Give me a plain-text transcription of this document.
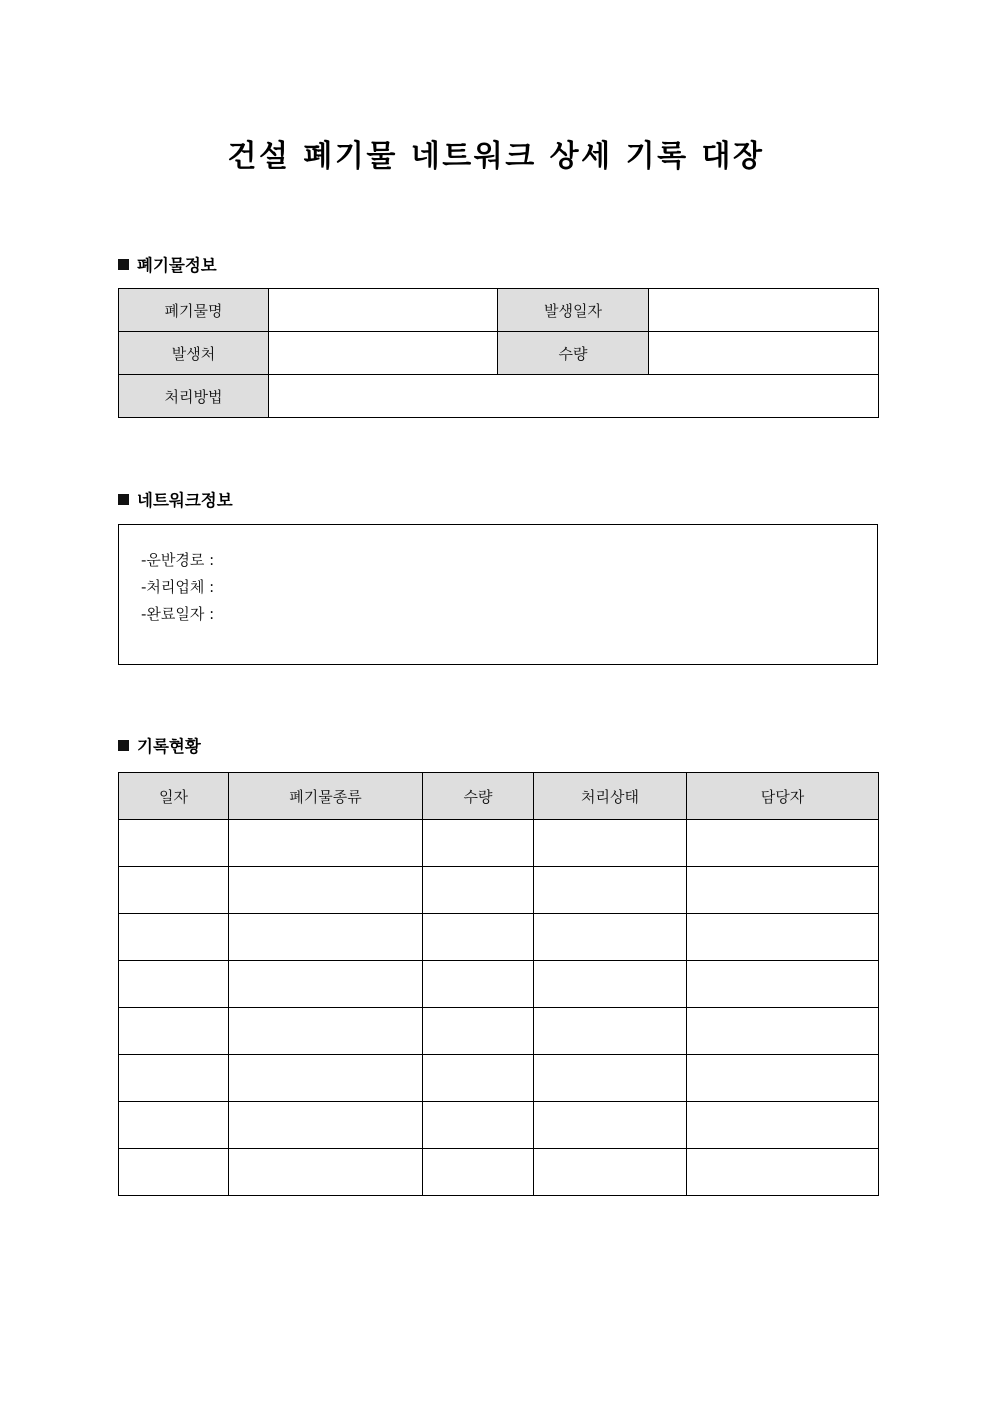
건설 폐기물 네트워크 상세 기록 대장
폐기물정보
폐기물명		발생일자	
발생처		수량	
처리방법			
네트워크정보
-운반경로 :
-처리업체 :
-완료일자 :
기록현황
일자	폐기물종류	수량	처리상태	담당자
